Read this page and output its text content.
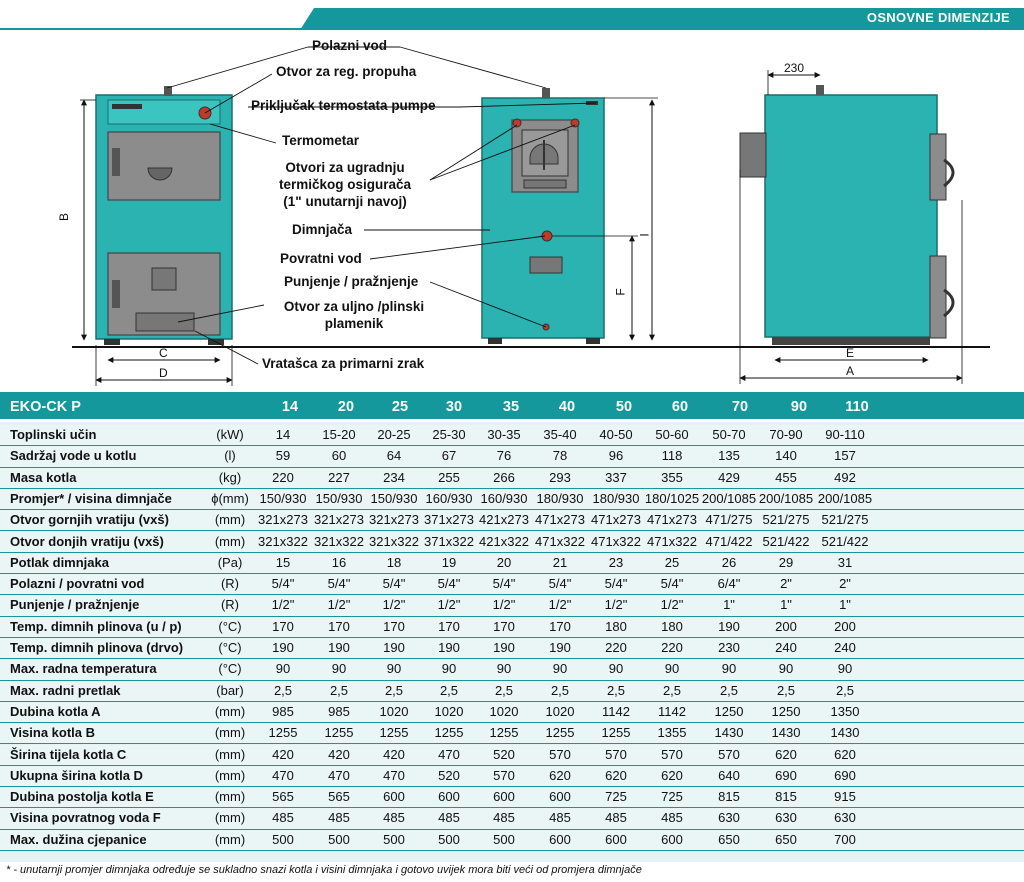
OSNOVNE DIMENZIJE
Polazni vod
Otvor za reg. propuha
Priključak termostata pumpe
Termometar
Otvori za ugradnju
termičkog osigurača
(1" unutarnji navoj)
Dimnjača
Povratni vod
Punjenje / pražnjenje
Otvor za uljno /plinski
plamenik
Vratašca za primarni zrak
B
C
D
I
F
E
A
230
EKO-CK P	14	20	25	30	35	40	50	60	70	90	110
Toplinski učin	(kW)	14	15-20	20-25	25-30	30-35	35-40	40-50	50-60	50-70	70-90	90-110
Sadržaj vode u kotlu	(l)	59	60	64	67	76	78	96	118	135	140	157
Masa kotla	(kg)	220	227	234	255	266	293	337	355	429	455	492
Promjer* / visina dimnjače	ϕ(mm) 150/930 150/930 150/930 160/930 160/930 180/930 180/930 180/1025 200/1085 200/1085 200/1085
Otvor gornjih vratiju (vxš)	(mm) 321x273 321x273 321x273 371x273 421x273 471x273 471x273 471x273 471/275 521/275 521/275
Otvor donjih vratiju (vxš)	(mm) 321x322 321x322 321x322 371x322 421x322 471x322 471x322 471x322 471/422 521/422 521/422
Potlak dimnjaka	(Pa)	15	16	18	19	20	21	23	25	26	29	31
Polazni / povratni vod	(R)	5/4"	5/4"	5/4"	5/4"	5/4"	5/4"	5/4"	5/4"	6/4"	2"	2"
Punjenje / pražnjenje	(R)	1/2"	1/2"	1/2"	1/2"	1/2"	1/2"	1/2"	1/2"	1"	1"	1"
Temp. dimnih plinova (u / p)	(°C)	170	170	170	170	170	170	180	180	190	200	200
Temp. dimnih plinova (drvo)	(°C)	190	190	190	190	190	190	220	220	230	240	240
Max. radna temperatura	(°C)	90	90	90	90	90	90	90	90	90	90	90
Max. radni pretlak	(bar)	2,5	2,5	2,5	2,5	2,5	2,5	2,5	2,5	2,5	2,5	2,5
Dubina kotla A	(mm)	985	985	1020	1020	1020	1020	1142	1142	1250	1250	1350
Visina kotla B	(mm)	1255	1255	1255	1255	1255	1255	1255	1355	1430	1430	1430
Širina tijela kotla C	(mm)	420	420	420	470	520	570	570	570	570	620	620
Ukupna širina kotla D	(mm)	470	470	470	520	570	620	620	620	640	690	690
Dubina postolja kotla E	(mm)	565	565	600	600	600	600	725	725	815	815	915
Visina povratnog voda F	(mm)	485	485	485	485	485	485	485	485	630	630	630
Max. dužina cjepanice	(mm)	500	500	500	500	500	600	600	600	650	650	700
* - unutarnji promjer dimnjaka određuje se sukladno snazi kotla i visini dimnjaka i gotovo uvijek mora biti veći od promjera dimnjače
